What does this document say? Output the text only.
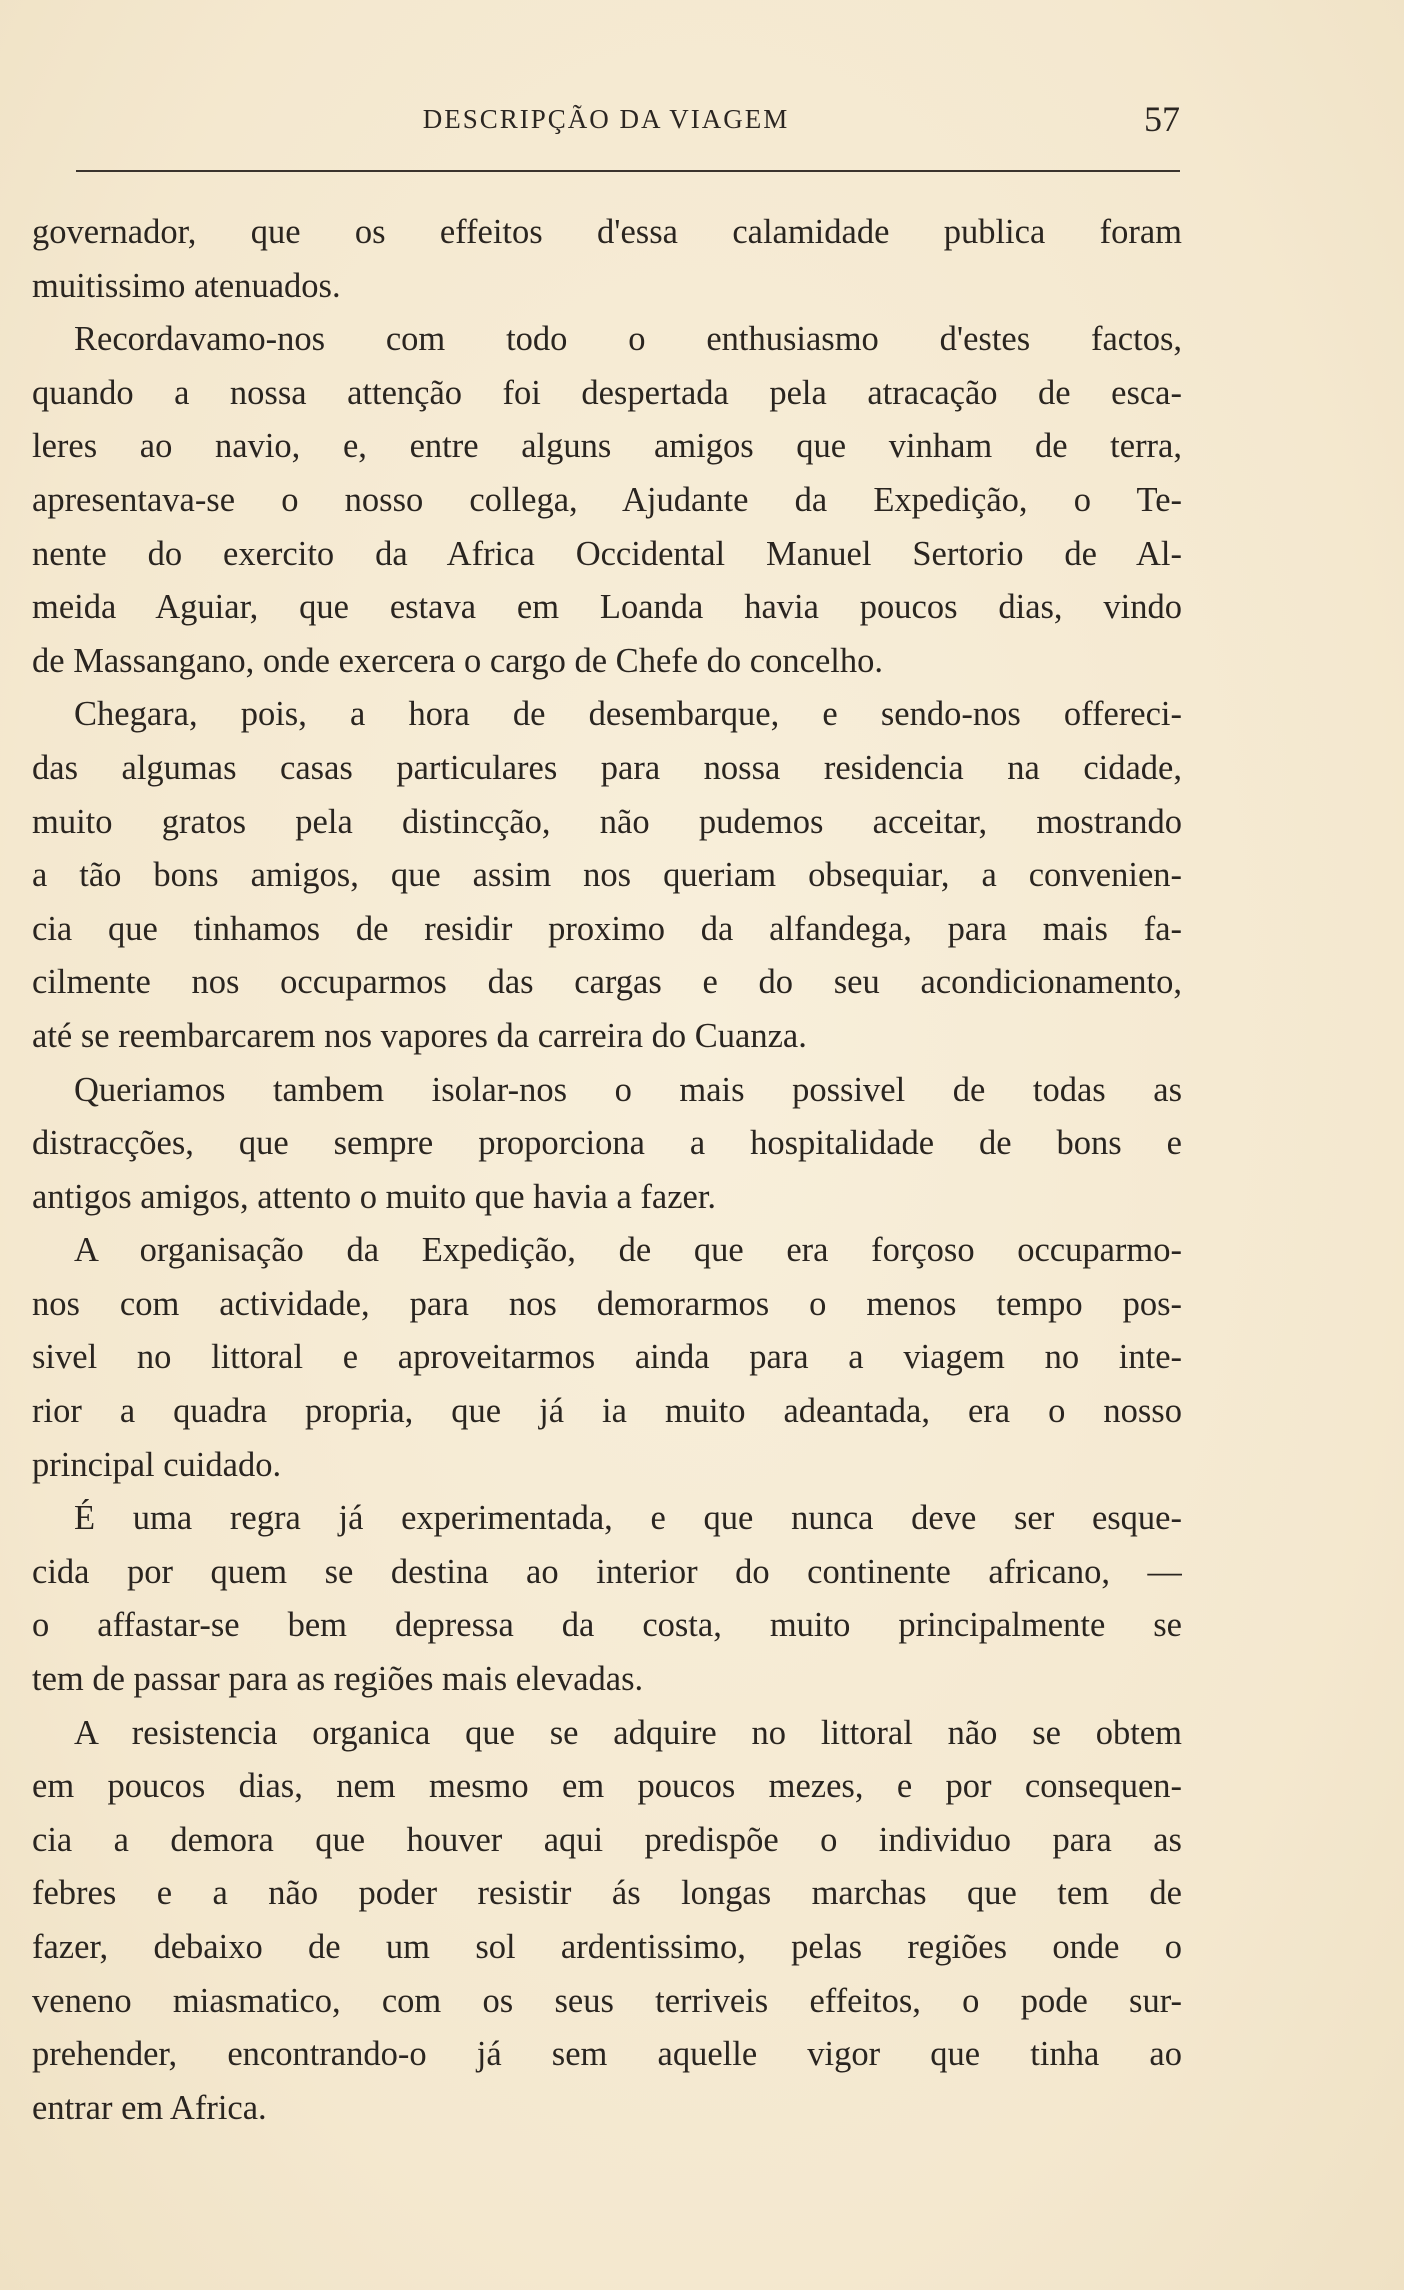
DESCRIPÇÃO DA VIAGEM	57
governador, que os effeitos d'essa calamidade publica foram
muitissimo atenuados.
Recordavamo-nos com todo o enthusiasmo d'estes factos,
quando a nossa attenção foi despertada pela atracação de esca-
leres ao navio, e, entre alguns amigos que vinham de terra,
apresentava-se o nosso collega, Ajudante da Expedição, o Te-
nente do exercito da Africa Occidental Manuel Sertorio de Al-
meida Aguiar, que estava em Loanda havia poucos dias, vindo
de Massangano, onde exercera o cargo de Chefe do concelho.
Chegara, pois, a hora de desembarque, e sendo-nos offereci-
das algumas casas particulares para nossa residencia na cidade,
muito gratos pela distincção, não pudemos acceitar, mostrando
a tão bons amigos, que assim nos queriam obsequiar, a convenien-
cia que tinhamos de residir proximo da alfandega, para mais fa-
cilmente nos occuparmos das cargas e do seu acondicionamento,
até se reembarcarem nos vapores da carreira do Cuanza.
Queriamos tambem isolar-nos o mais possivel de todas as
distracções, que sempre proporciona a hospitalidade de bons e
antigos amigos, attento o muito que havia a fazer.
A organisação da Expedição, de que era forçoso occuparmo-
nos com actividade, para nos demorarmos o menos tempo pos-
sivel no littoral e aproveitarmos ainda para a viagem no inte-
rior a quadra propria, que já ia muito adeantada, era o nosso
principal cuidado.
É uma regra já experimentada, e que nunca deve ser esque-
cida por quem se destina ao interior do continente africano, —
o affastar-se bem depressa da costa, muito principalmente se
tem de passar para as regiões mais elevadas.
A resistencia organica que se adquire no littoral não se obtem
em poucos dias, nem mesmo em poucos mezes, e por consequen-
cia a demora que houver aqui predispõe o individuo para as
febres e a não poder resistir ás longas marchas que tem de
fazer, debaixo de um sol ardentissimo, pelas regiões onde o
veneno miasmatico, com os seus terriveis effeitos, o pode sur-
prehender, encontrando-o já sem aquelle vigor que tinha ao
entrar em Africa.
